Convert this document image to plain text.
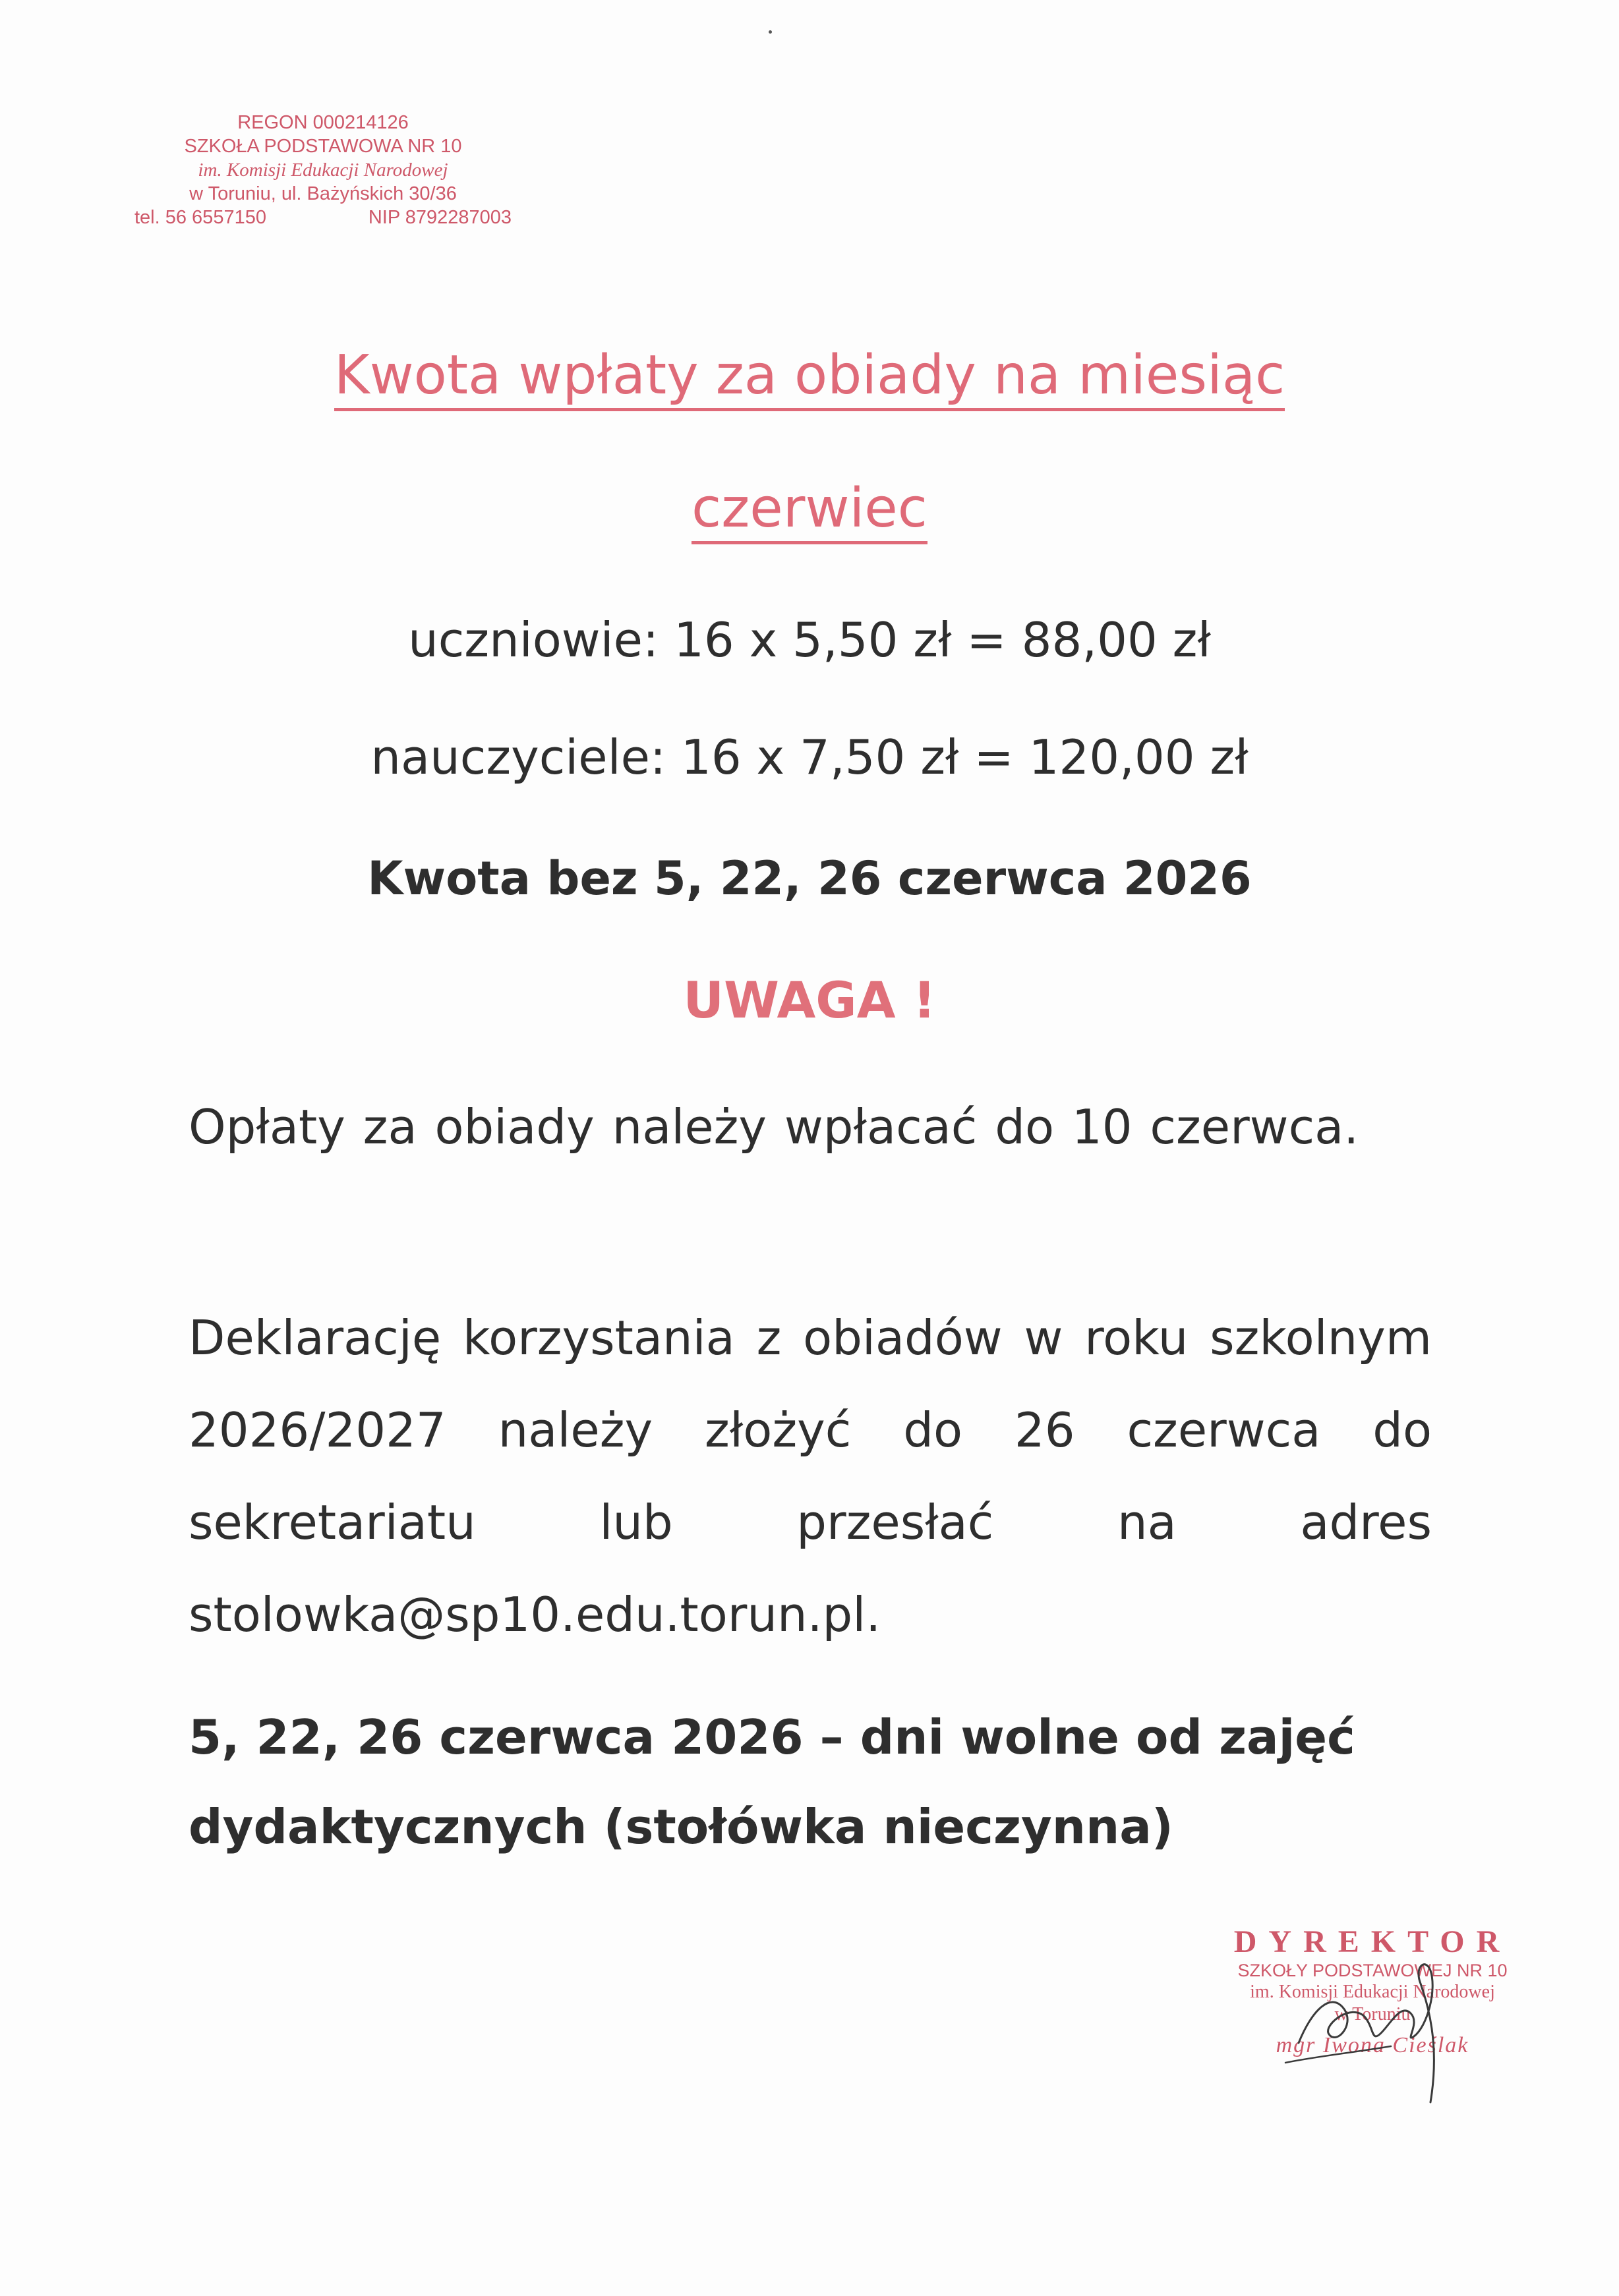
REGON 000214126
SZKOŁA PODSTAWOWA NR 10
im. Komisji Edukacji Narodowej
w Toruniu, ul. Bażyńskich 30/36
tel. 56 6557150	NIP 8792287003
Kwota wpłaty za obiady na miesiąc
czerwiec
uczniowie: 16 x 5,50 zł = 88,00 zł
nauczyciele: 16 x 7,50 zł = 120,00 zł
Kwota bez 5, 22, 26 czerwca 2026
UWAGA !
Opłaty za obiady należy wpłacać do 10 czerwca.
Deklarację korzystania z obiadów w roku szkolnym 2026/2027 należy złożyć do 26 czerwca do sekretariatu lub przesłać na adres stolowka@sp10.edu.torun.pl.
5, 22, 26 czerwca 2026 – dni wolne od zajęć dydaktycznych (stołówka nieczynna)
DYREKTOR
SZKOŁY PODSTAWOWEJ NR 10
im. Komisji Edukacji Narodowej
w Toruniu
mgr Iwona Cieślak
